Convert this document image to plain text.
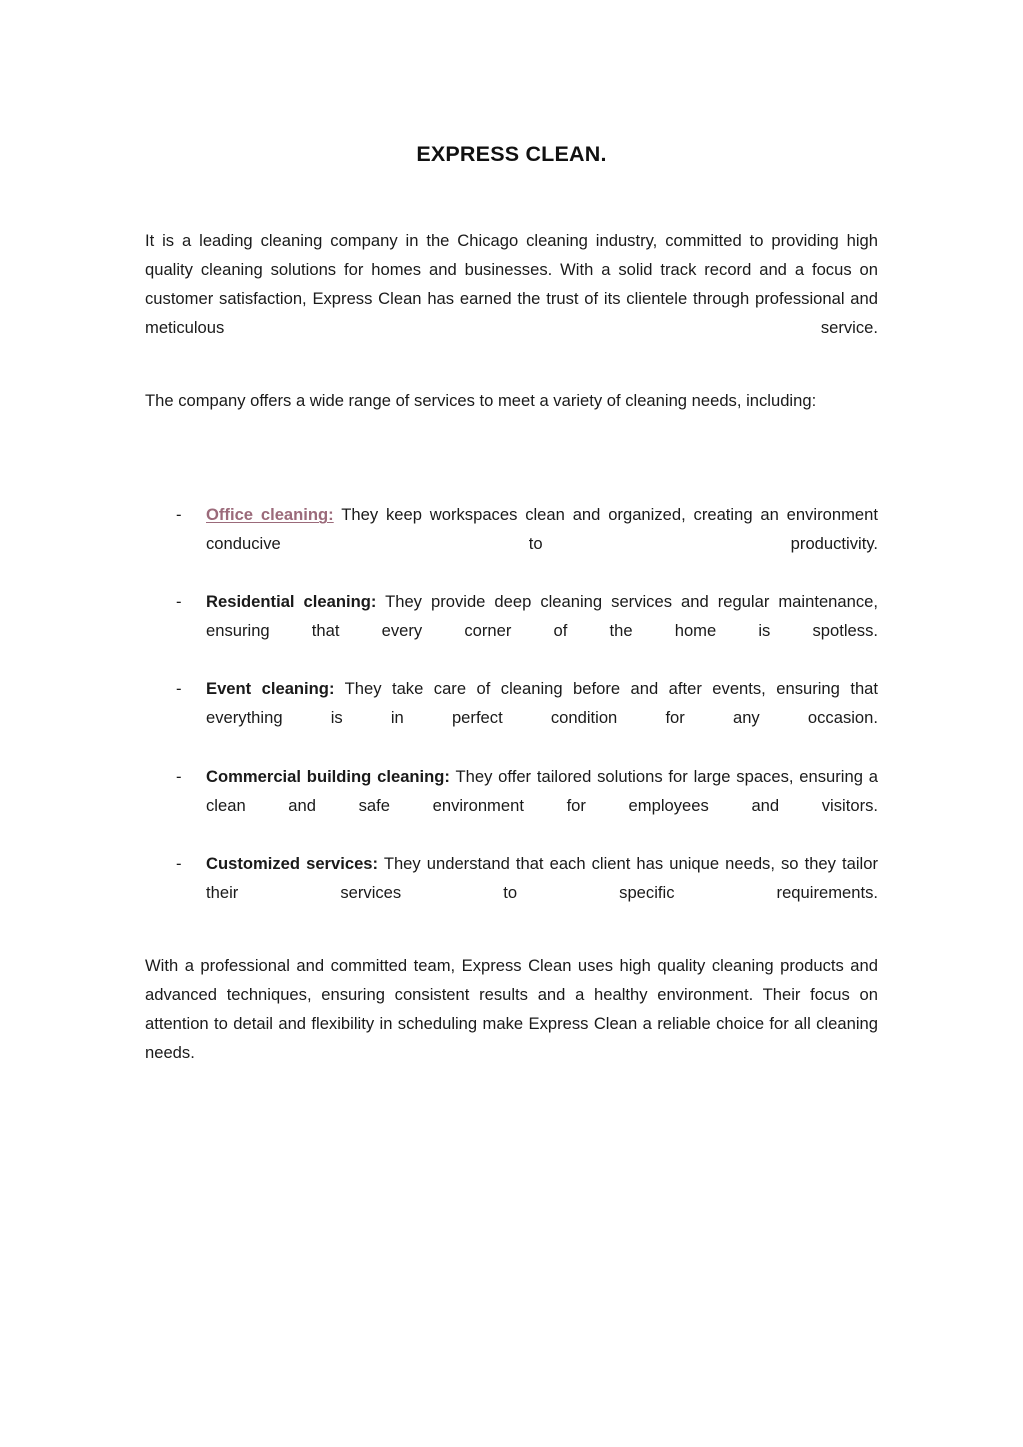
EXPRESS CLEAN.

It is a leading cleaning company in the Chicago cleaning industry, committed to providing high quality cleaning solutions for homes and businesses. With a solid track record and a focus on customer satisfaction, Express Clean has earned the trust of its clientele through professional and meticulous service.

The company offers a wide range of services to meet a variety of cleaning needs, including:

- Office cleaning: They keep workspaces clean and organized, creating an environment conducive to productivity.
- Residential cleaning: They provide deep cleaning services and regular maintenance, ensuring that every corner of the home is spotless.
- Event cleaning: They take care of cleaning before and after events, ensuring that everything is in perfect condition for any occasion.
- Commercial building cleaning: They offer tailored solutions for large spaces, ensuring a clean and safe environment for employees and visitors.
- Customized services: They understand that each client has unique needs, so they tailor their services to specific requirements.

With a professional and committed team, Express Clean uses high quality cleaning products and advanced techniques, ensuring consistent results and a healthy environment. Their focus on attention to detail and flexibility in scheduling make Express Clean a reliable choice for all cleaning needs.
